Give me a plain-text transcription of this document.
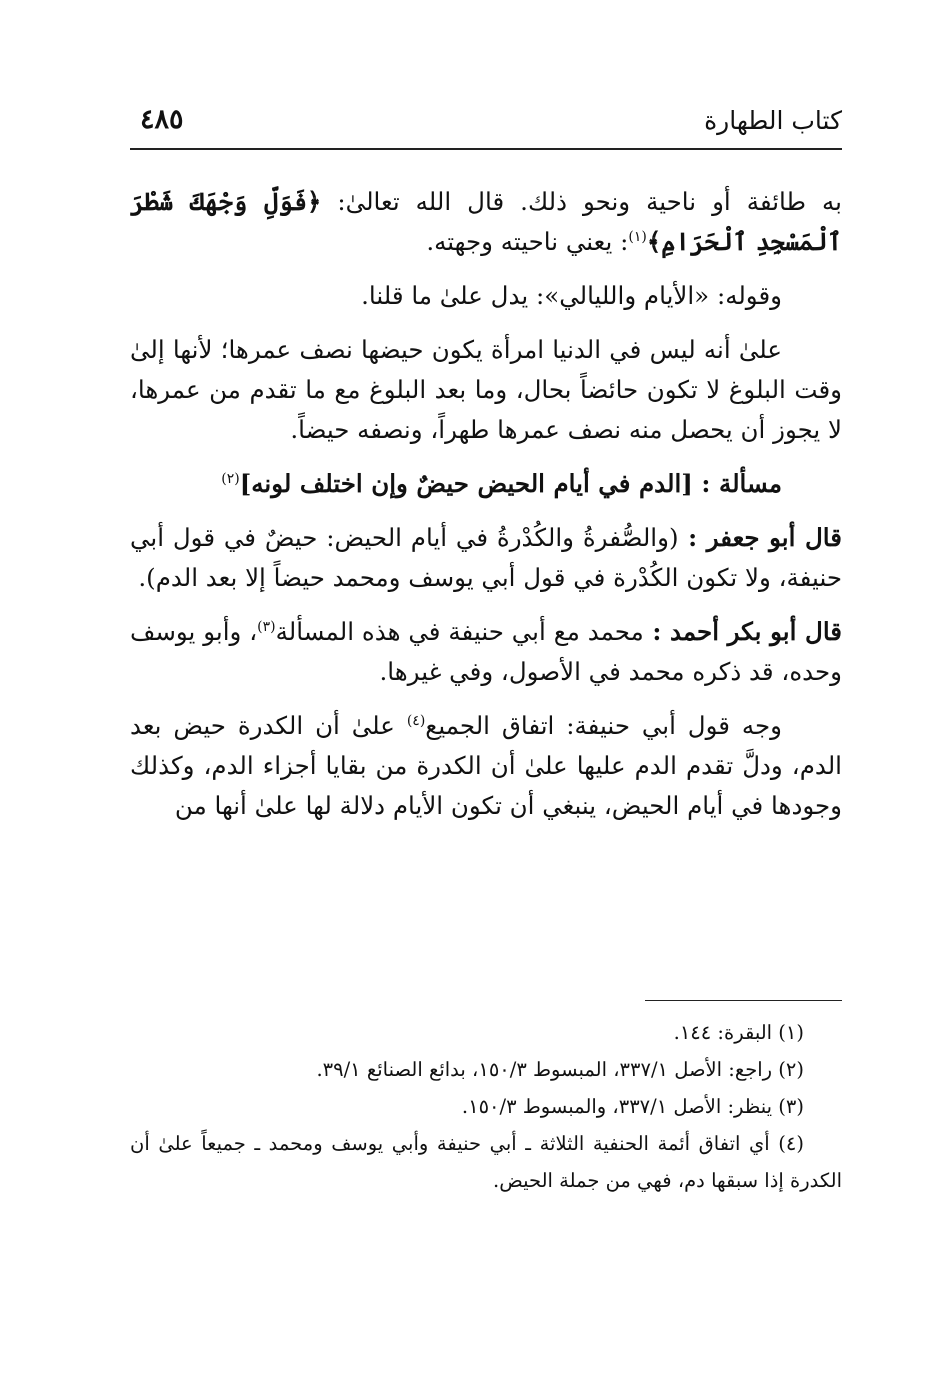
٤٨٥	كتاب الطهارة

به طائفة أو ناحية ونحو ذلك. قال الله تعالىٰ: ﴿فَوَلِّ وَجْهَكَ شَطْرَ ٱلْمَسْجِدِ ٱلْحَرَامِ﴾$^{(١)}$: يعني ناحيته وجهته.

وقوله: «الأيام والليالي»: يدل علىٰ ما قلنا.

علىٰ أنه ليس في الدنيا امرأة يكون حيضها نصف عمرها؛ لأنها إلىٰ وقت البلوغ لا تكون حائضاً بحال، وما بعد البلوغ مع ما تقدم من عمرها، لا يجوز أن يحصل منه نصف عمرها طهراً، ونصفه حيضاً.

مسألة : [الدم في أيام الحيض حيضٌ وإن اختلف لونه]$^{(٢)}$

قال أبو جعفر : (والصُّفرةُ والكُدْرةُ في أيام الحيض: حيضٌ في قول أبي حنيفة، ولا تكون الكُدْرة في قول أبي يوسف ومحمد حيضاً إلا بعد الدم).

قال أبو بكر أحمد : محمد مع أبي حنيفة في هذه المسألة$^{(٣)}$، وأبو يوسف وحده، قد ذكره محمد في الأصول، وفي غيرها.

وجه قول أبي حنيفة: اتفاق الجميع$^{(٤)}$ علىٰ أن الكدرة حيض بعد الدم، ودلَّ تقدم الدم عليها علىٰ أن الكدرة من بقايا أجزاء الدم، وكذلك وجودها في أيام الحيض، ينبغي أن تكون الأيام دلالة لها علىٰ أنها من

(١) البقرة: ١٤٤.

(٢) راجع: الأصل ٣٣٧/١، المبسوط ١٥٠/٣، بدائع الصنائع ٣٩/١.

(٣) ينظر: الأصل ٣٣٧/١، والمبسوط ١٥٠/٣.

(٤) أي اتفاق أئمة الحنفية الثلاثة ـ أبي حنيفة وأبي يوسف ومحمد ـ جميعاً علىٰ أن الكدرة إذا سبقها دم، فهي من جملة الحيض.
